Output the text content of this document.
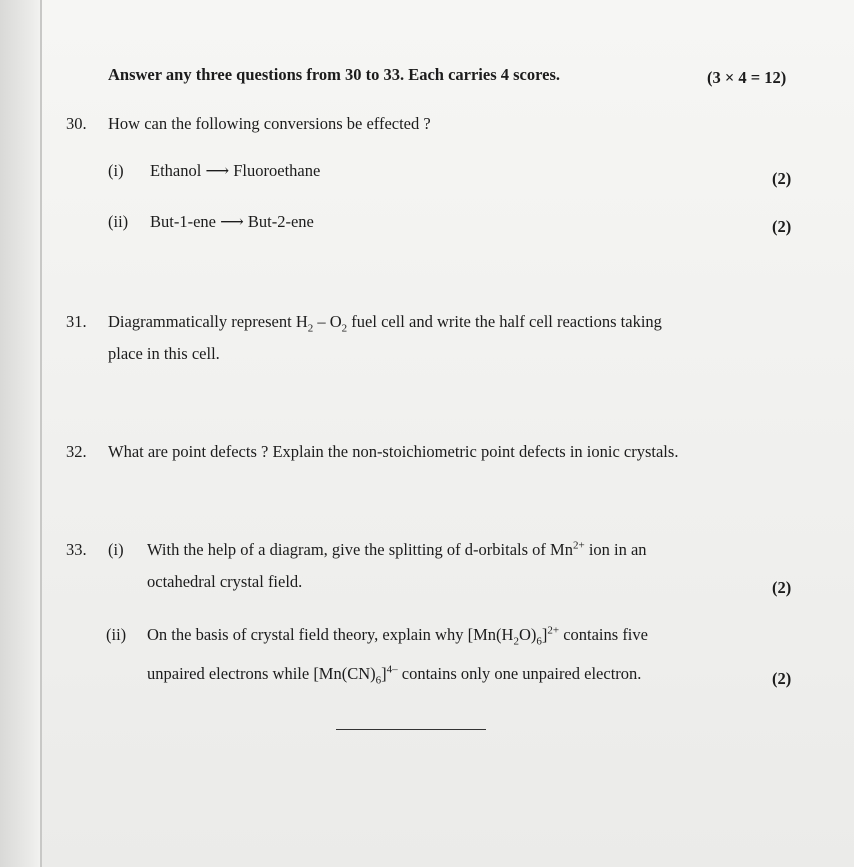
Answer any three questions from 30 to 33. Each carries 4 scores.	(3 × 4 = 12)
30. How can the following conversions be effected ?
(i) Ethanol ⟶ Fluoroethane	(2)
(ii) But-1-ene ⟶ But-2-ene	(2)
31. Diagrammatically represent $H_2 - O_2$ fuel cell and write the half cell reactions taking
place in this cell.
32. What are point defects ? Explain the non-stoichiometric point defects in ionic crystals.
33. (i) With the help of a diagram, give the splitting of d-orbitals of $Mn^{2+}$ ion in an
octahedral crystal field.	(2)
(ii) On the basis of crystal field theory, explain why $[Mn(H_2O)_6]^{2+}$ contains five
unpaired electrons while $[Mn(CN)_6]^{4-}$ contains only one unpaired electron.	(2)
